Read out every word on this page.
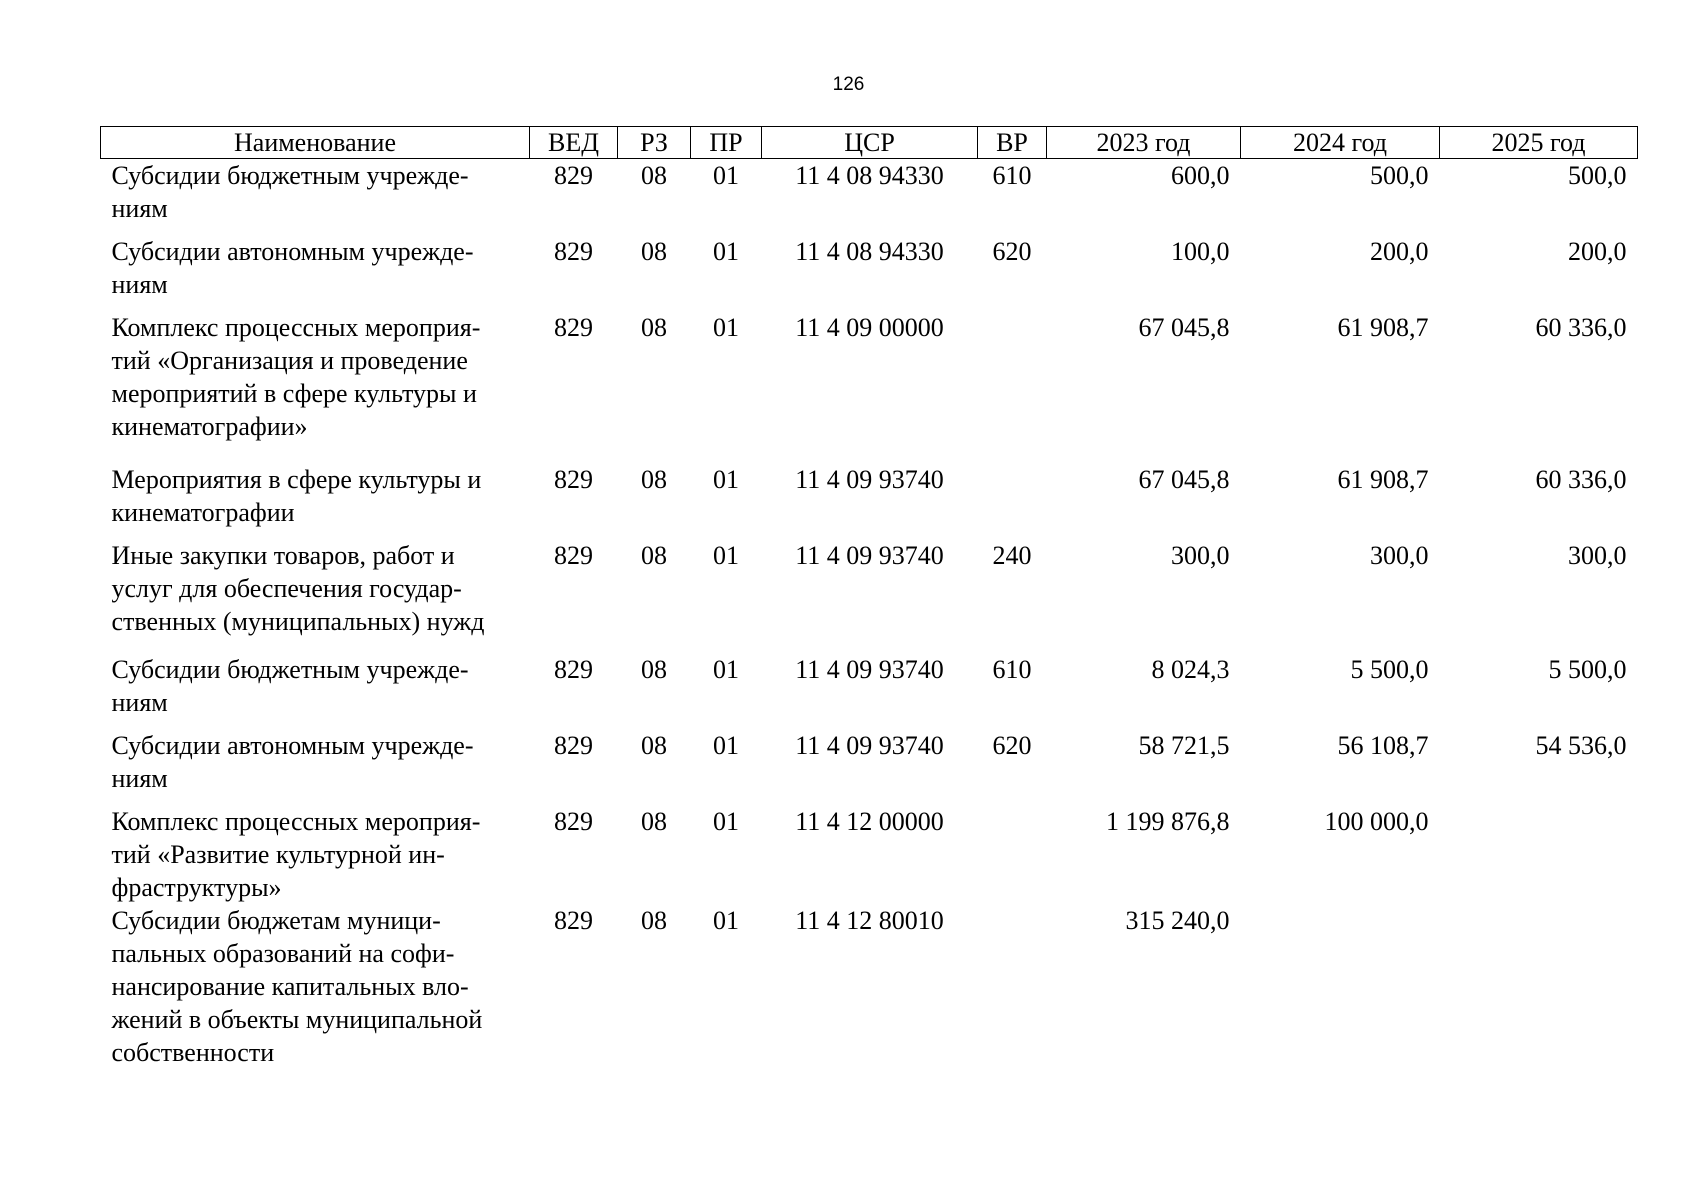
126
Наименование	ВЕД	РЗ	ПР	ЦСР	ВР	2023 год	2024 год	2025 год

Субсидии бюджетным учрежде-
ниям	829	08	01	11 4 08 94330	610	600,0	500,0	500,0

Субсидии автономным учрежде-
ниям	829	08	01	11 4 08 94330	620	100,0	200,0	200,0

Комплекс процессных мероприя-
тий «Организация и проведение
мероприятий в сфере культуры и
кинематографии»	829	08	01	11 4 09 00000		67 045,8	61 908,7	60 336,0

Мероприятия в сфере культуры и
кинематографии	829	08	01	11 4 09 93740		67 045,8	61 908,7	60 336,0

Иные закупки товаров, работ и
услуг для обеспечения государ-
ственных (муниципальных) нужд	829	08	01	11 4 09 93740	240	300,0	300,0	300,0

Субсидии бюджетным учрежде-
ниям	829	08	01	11 4 09 93740	610	8 024,3	5 500,0	5 500,0

Субсидии автономным учрежде-
ниям	829	08	01	11 4 09 93740	620	58 721,5	56 108,7	54 536,0

Комплекс процессных мероприя-
тий «Развитие культурной ин-
фраструктуры»	829	08	01	11 4 12 00000		1 199 876,8	100 000,0	

Субсидии бюджетам муници-
пальных образований на софи-
нансирование капитальных вло-
жений в объекты муниципальной
собственности	829	08	01	11 4 12 80010		315 240,0		
